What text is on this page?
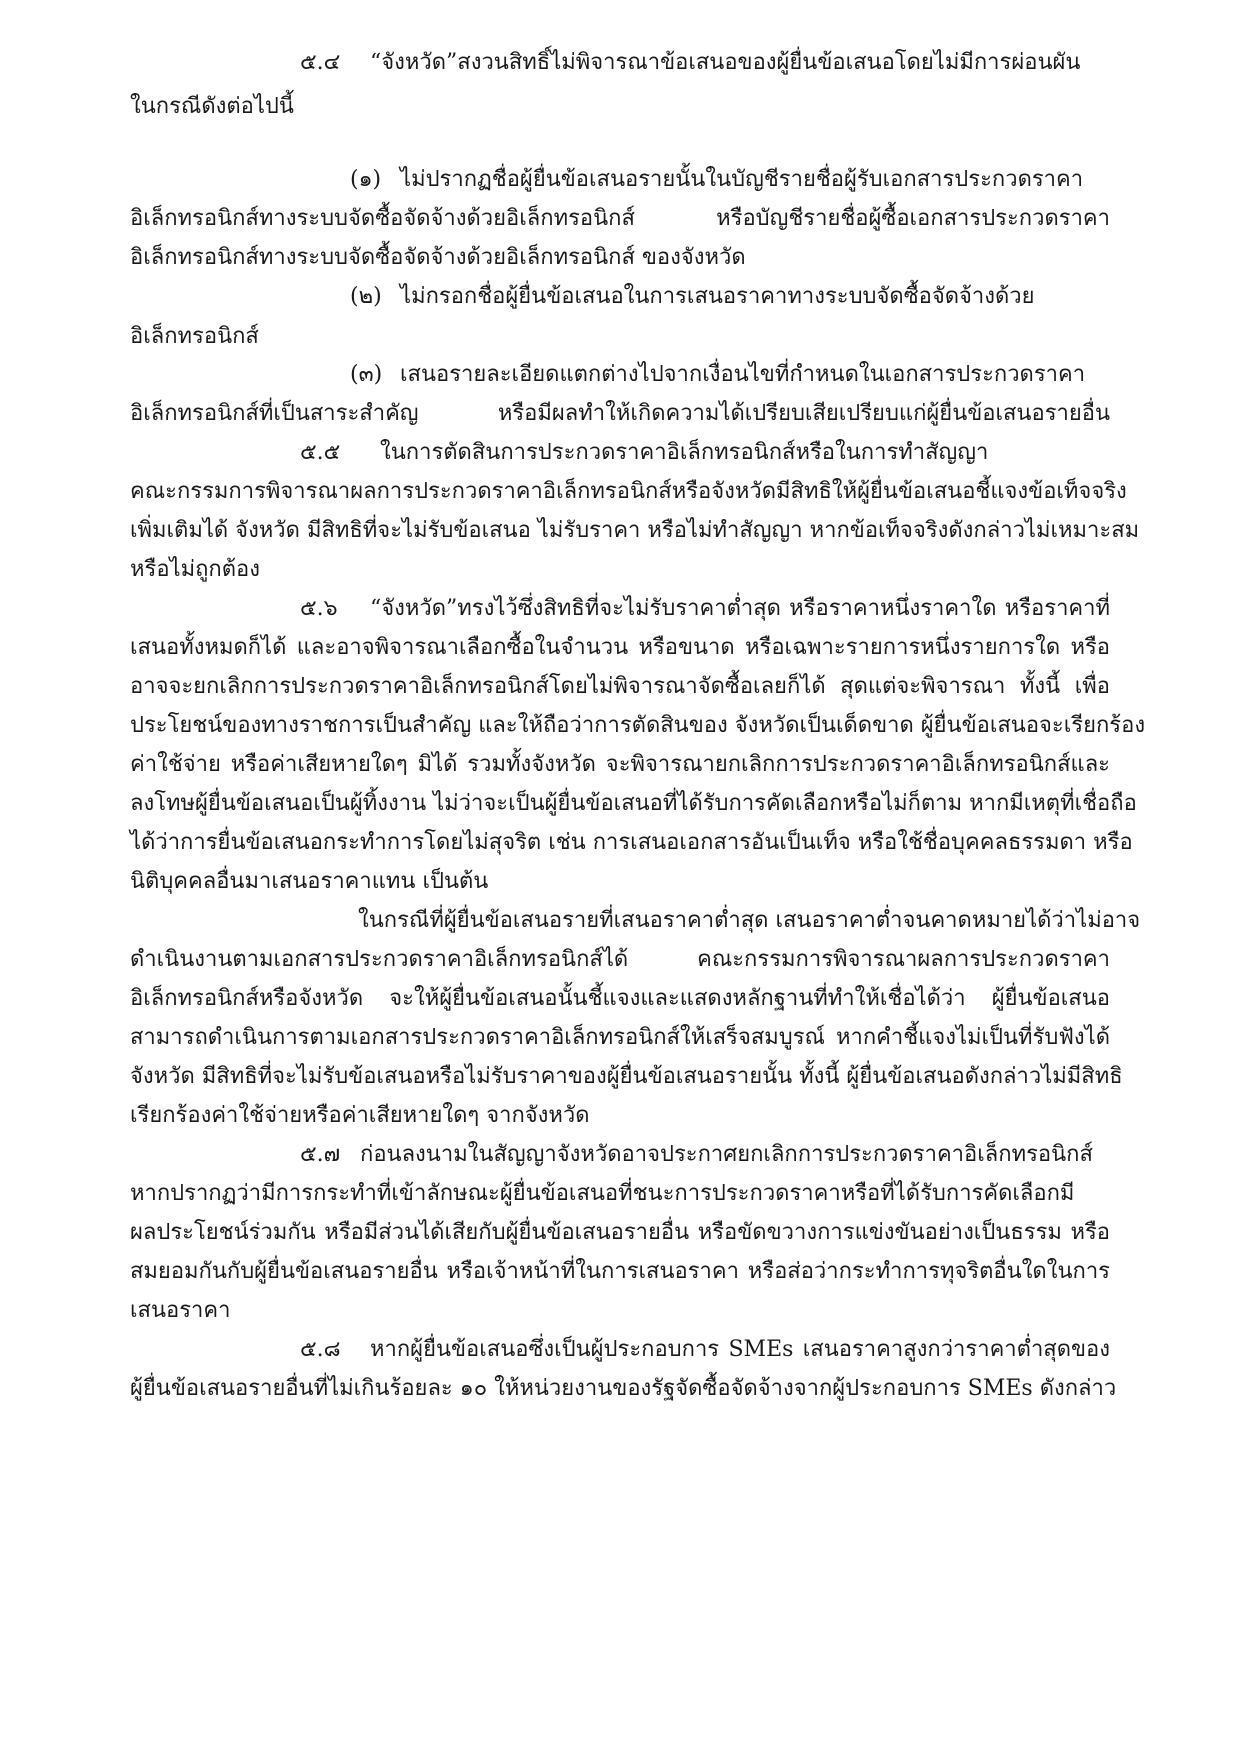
๕.๔ “จังหวัด”สงวนสิทธิ์ไม่พิจารณาข้อเสนอของผู้ยื่นข้อเสนอโดยไม่มีการผ่อนผัน

ในกรณีดังต่อไปนี้

(๑) ไม่ปรากฏชื่อผู้ยื่นข้อเสนอรายนั้นในบัญชีรายชื่อผู้รับเอกสารประกวดราคา

อิเล็กทรอนิกส์ทางระบบจัดซื้อจัดจ้างด้วยอิเล็กทรอนิกส์ หรือบัญชีรายชื่อผู้ซื้อเอกสารประกวดราคา

อิเล็กทรอนิกส์ทางระบบจัดซื้อจัดจ้างด้วยอิเล็กทรอนิกส์ ของจังหวัด

(๒) ไม่กรอกชื่อผู้ยื่นข้อเสนอในการเสนอราคาทางระบบจัดซื้อจัดจ้างด้วย

อิเล็กทรอนิกส์

(๓) เสนอรายละเอียดแตกต่างไปจากเงื่อนไขที่กำหนดในเอกสารประกวดราคา

อิเล็กทรอนิกส์ที่เป็นสาระสำคัญ หรือมีผลทำให้เกิดความได้เปรียบเสียเปรียบแก่ผู้ยื่นข้อเสนอรายอื่น

๕.๕ ในการตัดสินการประกวดราคาอิเล็กทรอนิกส์หรือในการทำสัญญา

คณะกรรมการพิจารณาผลการประกวดราคาอิเล็กทรอนิกส์หรือจังหวัดมีสิทธิให้ผู้ยื่นข้อเสนอชี้แจงข้อเท็จจริง

เพิ่มเติมได้ จังหวัด มีสิทธิที่จะไม่รับข้อเสนอ ไม่รับราคา หรือไม่ทำสัญญา หากข้อเท็จจริงดังกล่าวไม่เหมาะสม

หรือไม่ถูกต้อง

๕.๖ “จังหวัด”ทรงไว้ซึ่งสิทธิที่จะไม่รับราคาต่ำสุด หรือราคาหนึ่งราคาใด หรือราคาที่

เสนอทั้งหมดก็ได้ และอาจพิจารณาเลือกซื้อในจำนวน หรือขนาด หรือเฉพาะรายการหนึ่งรายการใด หรือ

อาจจะยกเลิกการประกวดราคาอิเล็กทรอนิกส์โดยไม่พิจารณาจัดซื้อเลยก็ได้ สุดแต่จะพิจารณา ทั้งนี้ เพื่อ

ประโยชน์ของทางราชการเป็นสำคัญ และให้ถือว่าการตัดสินของ จังหวัดเป็นเด็ดขาด ผู้ยื่นข้อเสนอจะเรียกร้อง

ค่าใช้จ่าย หรือค่าเสียหายใดๆ มิได้ รวมทั้งจังหวัด จะพิจารณายกเลิกการประกวดราคาอิเล็กทรอนิกส์และ

ลงโทษผู้ยื่นข้อเสนอเป็นผู้ทิ้งงาน ไม่ว่าจะเป็นผู้ยื่นข้อเสนอที่ได้รับการคัดเลือกหรือไม่ก็ตาม หากมีเหตุที่เชื่อถือ

ได้ว่าการยื่นข้อเสนอกระทำการโดยไม่สุจริต เช่น การเสนอเอกสารอันเป็นเท็จ หรือใช้ชื่อบุคคลธรรมดา หรือ

นิติบุคคลอื่นมาเสนอราคาแทน เป็นต้น

ในกรณีที่ผู้ยื่นข้อเสนอรายที่เสนอราคาต่ำสุด เสนอราคาต่ำจนคาดหมายได้ว่าไม่อาจ

ดำเนินงานตามเอกสารประกวดราคาอิเล็กทรอนิกส์ได้ คณะกรรมการพิจารณาผลการประกวดราคา

อิเล็กทรอนิกส์หรือจังหวัด จะให้ผู้ยื่นข้อเสนอนั้นชี้แจงและแสดงหลักฐานที่ทำให้เชื่อได้ว่า ผู้ยื่นข้อเสนอ

สามารถดำเนินการตามเอกสารประกวดราคาอิเล็กทรอนิกส์ให้เสร็จสมบูรณ์ หากคำชี้แจงไม่เป็นที่รับฟังได้

จังหวัด มีสิทธิที่จะไม่รับข้อเสนอหรือไม่รับราคาของผู้ยื่นข้อเสนอรายนั้น ทั้งนี้ ผู้ยื่นข้อเสนอดังกล่าวไม่มีสิทธิ

เรียกร้องค่าใช้จ่ายหรือค่าเสียหายใดๆ จากจังหวัด

๕.๗ ก่อนลงนามในสัญญาจังหวัดอาจประกาศยกเลิกการประกวดราคาอิเล็กทรอนิกส์

หากปรากฏว่ามีการกระทำที่เข้าลักษณะผู้ยื่นข้อเสนอที่ชนะการประกวดราคาหรือที่ได้รับการคัดเลือกมี

ผลประโยชน์ร่วมกัน หรือมีส่วนได้เสียกับผู้ยื่นข้อเสนอรายอื่น หรือขัดขวางการแข่งขันอย่างเป็นธรรม หรือ

สมยอมกันกับผู้ยื่นข้อเสนอรายอื่น หรือเจ้าหน้าที่ในการเสนอราคา หรือส่อว่ากระทำการทุจริตอื่นใดในการ

เสนอราคา

๕.๘ หากผู้ยื่นข้อเสนอซึ่งเป็นผู้ประกอบการ SMEs เสนอราคาสูงกว่าราคาต่ำสุดของ

ผู้ยื่นข้อเสนอรายอื่นที่ไม่เกินร้อยละ ๑๐ ให้หน่วยงานของรัฐจัดซื้อจัดจ้างจากผู้ประกอบการ SMEs ดังกล่าว
